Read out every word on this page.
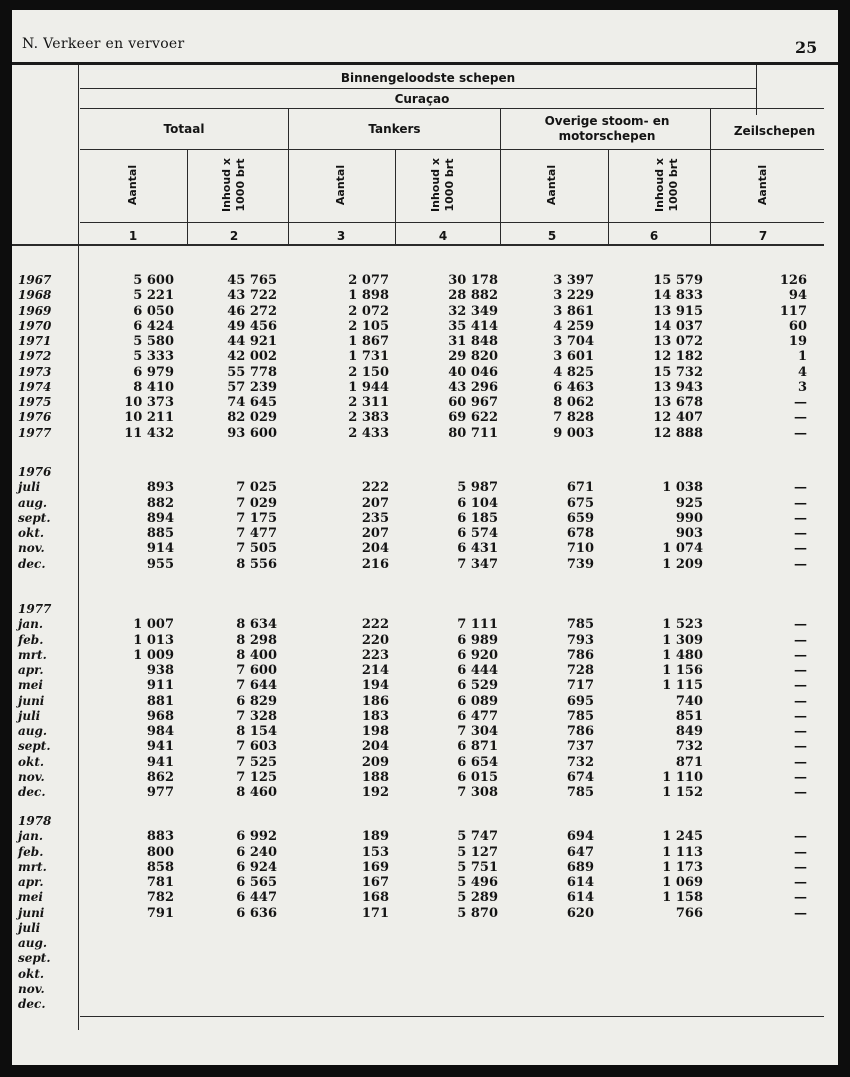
N. Verkeer en vervoer	25
Binnengeloodste schepen
Curaçao
Totaal	Tankers
Overige stoom- en motorschepen	Zeilschepen
Aantal	Inhoud x 1000 brt	Aantal	Inhoud x 1000 brt	Aantal	Inhoud x 1000 brt	Aantal
1	2	3	4	5	6	7
1967	5 600	45 765	2 077	30 178	3 397	15 579	126
1968	5 221	43 722	1 898	28 882	3 229	14 833	94
1969	6 050	46 272	2 072	32 349	3 861	13 915	117
1970	6 424	49 456	2 105	35 414	4 259	14 037	60
1971	5 580	44 921	1 867	31 848	3 704	13 072	19
1972	5 333	42 002	1 731	29 820	3 601	12 182	1
1973	6 979	55 778	2 150	40 046	4 825	15 732	4
1974	8 410	57 239	1 944	43 296	6 463	13 943	3
1975	10 373	74 645	2 311	60 967	8 062	13 678	—
1976	10 211	82 029	2 383	69 622	7 828	12 407	—
1977	11 432	93 600	2 433	80 711	9 003	12 888	—
1976
juli	893	7 025	222	5 987	671	1 038	—
aug.	882	7 029	207	6 104	675	925	—
sept.	894	7 175	235	6 185	659	990	—
okt.	885	7 477	207	6 574	678	903	—
nov.	914	7 505	204	6 431	710	1 074	—
dec.	955	8 556	216	7 347	739	1 209	—
1977
jan.	1 007	8 634	222	7 111	785	1 523	—
feb.	1 013	8 298	220	6 989	793	1 309	—
mrt.	1 009	8 400	223	6 920	786	1 480	—
apr.	938	7 600	214	6 444	728	1 156	—
mei	911	7 644	194	6 529	717	1 115	—
juni	881	6 829	186	6 089	695	740	—
juli	968	7 328	183	6 477	785	851	—
aug.	984	8 154	198	7 304	786	849	—
sept.	941	7 603	204	6 871	737	732	—
okt.	941	7 525	209	6 654	732	871	—
nov.	862	7 125	188	6 015	674	1 110	—
dec.	977	8 460	192	7 308	785	1 152	—
1978
jan.	883	6 992	189	5 747	694	1 245	—
feb.	800	6 240	153	5 127	647	1 113	—
mrt.	858	6 924	169	5 751	689	1 173	—
apr.	781	6 565	167	5 496	614	1 069	—
mei	782	6 447	168	5 289	614	1 158	—
juni	791	6 636	171	5 870	620	766	—
juli
aug.
sept.
okt.
nov.
dec.
